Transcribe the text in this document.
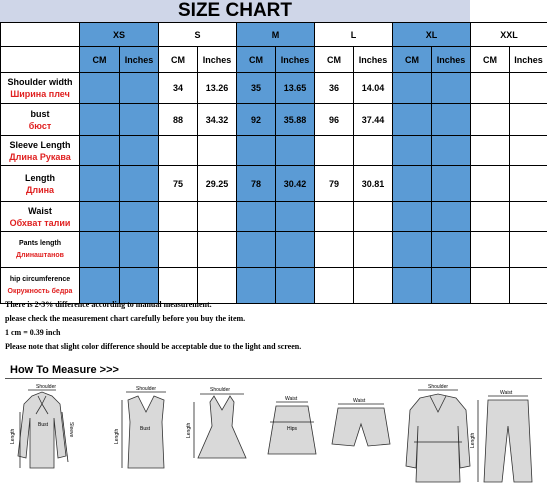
SIZE CHART
	XS		S		M		L		XL		XXL	
	CM	Inches	CM	Inches	CM	Inches	CM	Inches	CM	Inches	CM	Inches

Shoulder width
Ширина плеч			34	13.26	35	13.65	36	14.04				

bust
бюст			88	34.32	92	35.88	96	37.44				

Sleeve Length
Длина Рукава												

Length
Длина			75	29.25	78	30.42	79	30.81				

Waist
Обхват талии												

Pants length
Длинаштанов												

hip circumference
Окружность бедра												

There is 2-3% difference according to manual measurement.
please check the measurement chart carefully before you buy the item.
1 cm = 0.39 inch
Please note that slight color difference should be acceptable due to the light and screen.
How To Measure >>>
Shoulder
Bust
Length	Sleeve
Shoulder
Bust
Length
Shoulder
Length
Waist
Hips
Waist
Shoulder
Waist
Length
